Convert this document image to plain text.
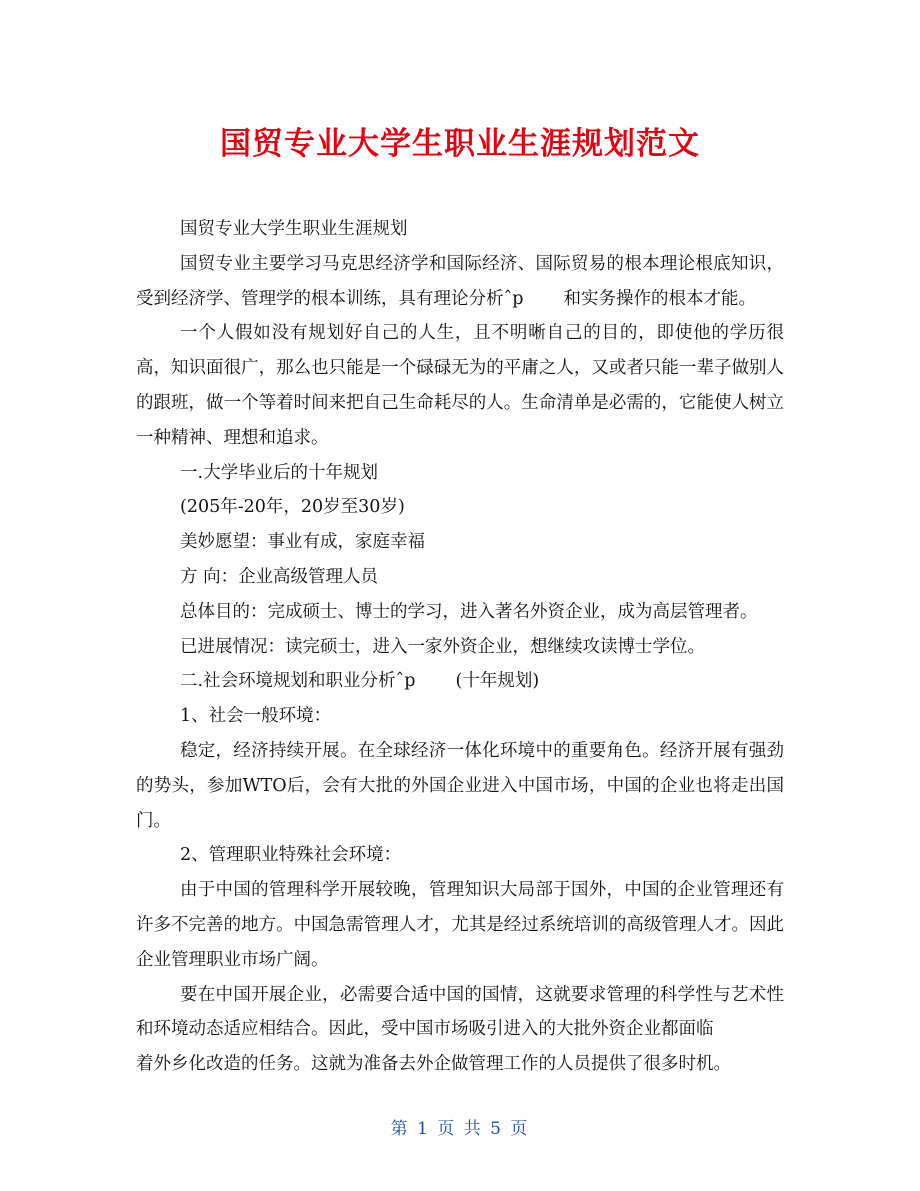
国贸专业大学生职业生涯规划范文

国贸专业大学生职业生涯规划

国贸专业主要学习马克思经济学和国际经济、国际贸易的根本理论根底知识，受到经济学、管理学的根本训练，具有理论分析ˆp 和实务操作的根本才能。

一个人假如没有规划好自己的人生，且不明晰自己的目的，即使他的学历很高，知识面很广，那么也只能是一个碌碌无为的平庸之人，又或者只能一辈子做别人的跟班，做一个等着时间来把自己生命耗尽的人。生命清单是必需的，它能使人树立一种精神、理想和追求。

一.大学毕业后的十年规划

(205年-20年，20岁至30岁)

美妙愿望：事业有成，家庭幸福

方 向：企业高级管理人员

总体目的：完成硕士、博士的学习，进入著名外资企业，成为高层管理者。

已进展情况：读完硕士，进入一家外资企业，想继续攻读博士学位。

二.社会环境规划和职业分析ˆp (十年规划)

1、社会一般环境：

稳定，经济持续开展。在全球经济一体化环境中的重要角色。经济开展有强劲的势头，参加WTO后，会有大批的外国企业进入中国市场，中国的企业也将走出国门。

2、管理职业特殊社会环境：

由于中国的管理科学开展较晚，管理知识大局部于国外，中国的企业管理还有许多不完善的地方。中国急需管理人才，尤其是经过系统培训的高级管理人才。因此企业管理职业市场广阔。

要在中国开展企业，必需要合适中国的国情，这就要求管理的科学性与艺术性和环境动态适应相结合。因此，受中国市场吸引进入的大批外资企业都面临

着外乡化改造的任务。这就为准备去外企做管理工作的人员提供了很多时机。

第 1 页 共 5 页
